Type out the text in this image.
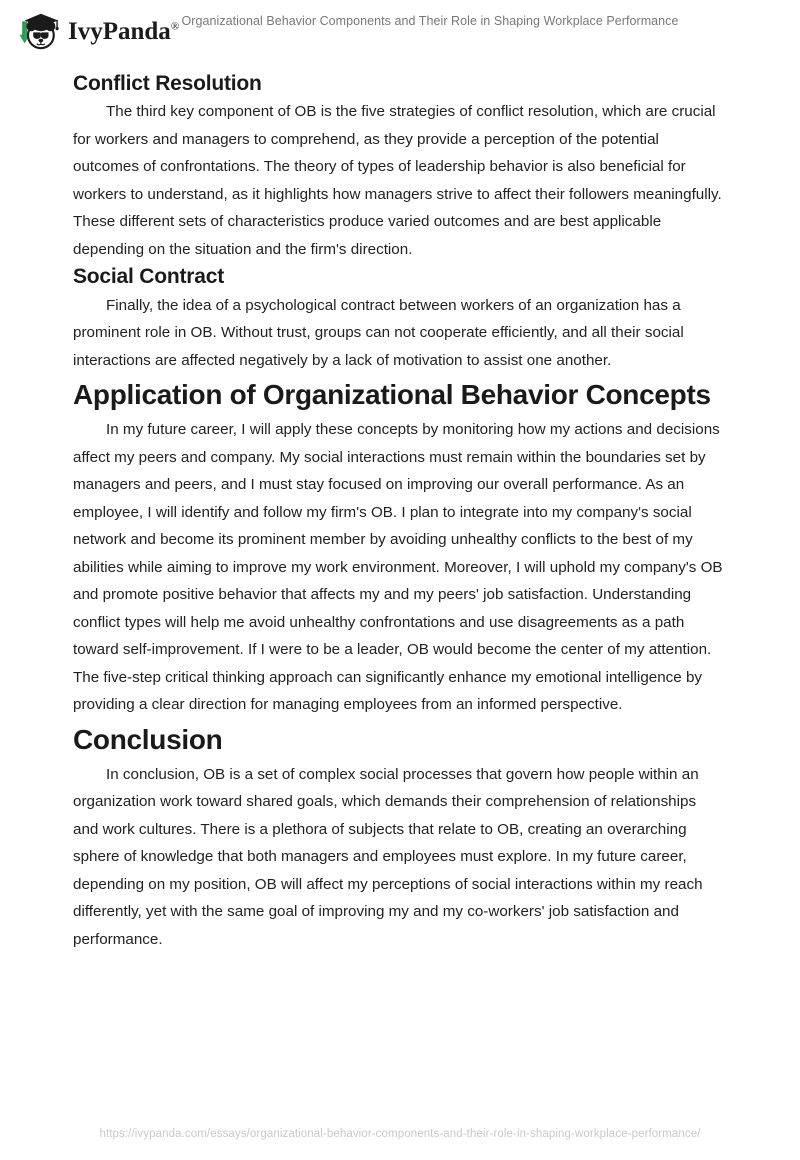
IvyPanda® Organizational Behavior Components and Their Role in Shaping Workplace Performance
Conflict Resolution

The third key component of OB is the five strategies of conflict resolution, which are crucial for workers and managers to comprehend, as they provide a perception of the potential outcomes of confrontations. The theory of types of leadership behavior is also beneficial for workers to understand, as it highlights how managers strive to affect their followers meaningfully. These different sets of characteristics produce varied outcomes and are best applicable depending on the situation and the firm's direction.

Social Contract

Finally, the idea of a psychological contract between workers of an organization has a prominent role in OB. Without trust, groups can not cooperate efficiently, and all their social interactions are affected negatively by a lack of motivation to assist one another.

Application of Organizational Behavior Concepts

In my future career, I will apply these concepts by monitoring how my actions and decisions affect my peers and company. My social interactions must remain within the boundaries set by managers and peers, and I must stay focused on improving our overall performance. As an employee, I will identify and follow my firm's OB. I plan to integrate into my company's social network and become its prominent member by avoiding unhealthy conflicts to the best of my abilities while aiming to improve my work environment. Moreover, I will uphold my company's OB and promote positive behavior that affects my and my peers' job satisfaction. Understanding conflict types will help me avoid unhealthy confrontations and use disagreements as a path toward self-improvement. If I were to be a leader, OB would become the center of my attention. The five-step critical thinking approach can significantly enhance my emotional intelligence by providing a clear direction for managing employees from an informed perspective.

Conclusion

In conclusion, OB is a set of complex social processes that govern how people within an organization work toward shared goals, which demands their comprehension of relationships and work cultures. There is a plethora of subjects that relate to OB, creating an overarching sphere of knowledge that both managers and employees must explore. In my future career, depending on my position, OB will affect my perceptions of social interactions within my reach differently, yet with the same goal of improving my and my co-workers' job satisfaction and performance.

https://ivypanda.com/essays/organizational-behavior-components-and-their-role-in-shaping-workplace-performance/
